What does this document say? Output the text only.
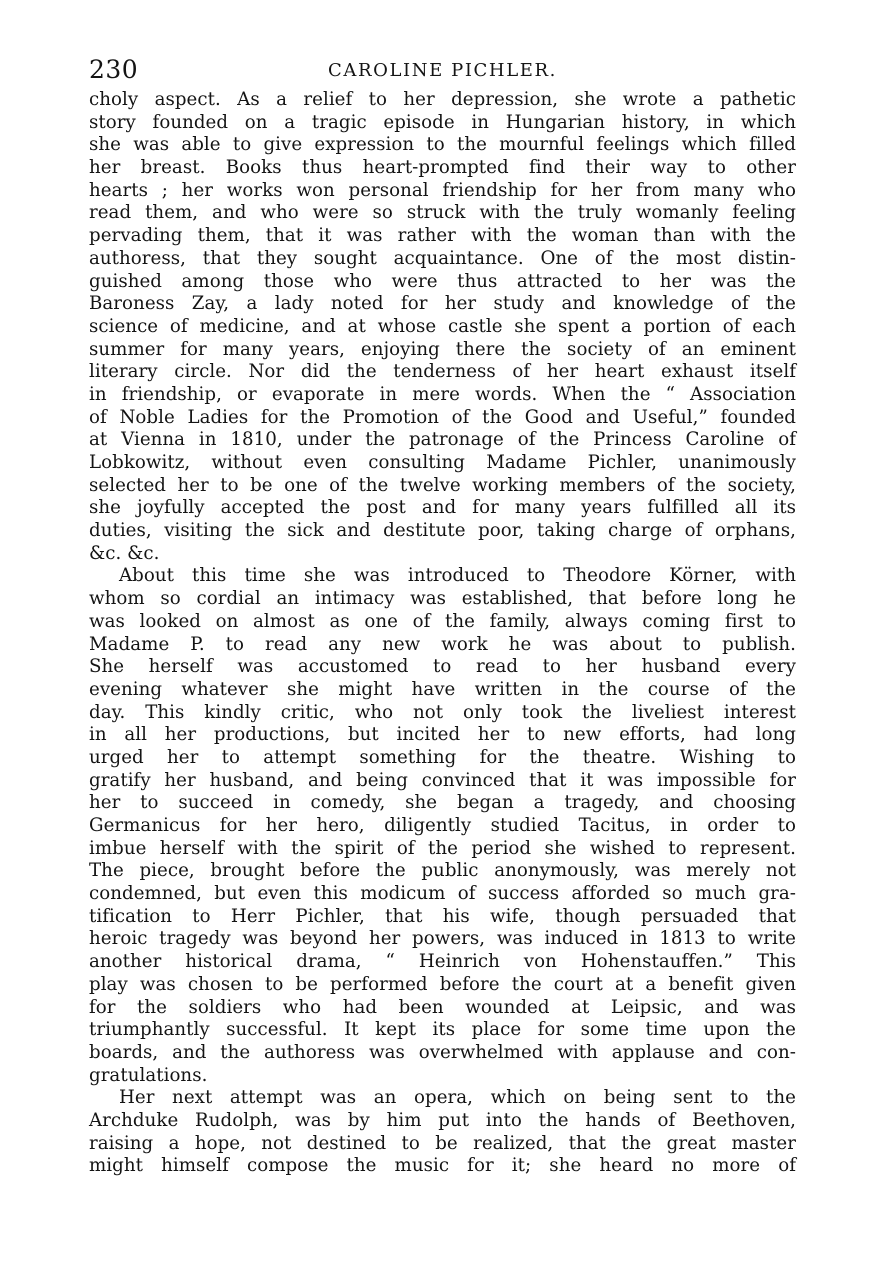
230	CAROLINE PICHLER.
choly aspect. As a relief to her depression, she wrote a pathetic
story founded on a tragic episode in Hungarian history, in which
she was able to give expression to the mournful feelings which filled
her breast. Books thus heart-prompted find their way to other
hearts ; her works won personal friendship for her from many who
read them, and who were so struck with the truly womanly feeling
pervading them, that it was rather with the woman than with the
authoress, that they sought acquaintance. One of the most distin-
guished among those who were thus attracted to her was the
Baroness Zay, a lady noted for her study and knowledge of the
science of medicine, and at whose castle she spent a portion of each
summer for many years, enjoying there the society of an eminent
literary circle. Nor did the tenderness of her heart exhaust itself
in friendship, or evaporate in mere words. When the “ Association
of Noble Ladies for the Promotion of the Good and Useful,” founded
at Vienna in 1810, under the patronage of the Princess Caroline of
Lobkowitz, without even consulting Madame Pichler, unanimously
selected her to be one of the twelve working members of the society,
she joyfully accepted the post and for many years fulfilled all its
duties, visiting the sick and destitute poor, taking charge of orphans,
&c. &c.
About this time she was introduced to Theodore Körner, with
whom so cordial an intimacy was established, that before long he
was looked on almost as one of the family, always coming first to
Madame P. to read any new work he was about to publish.
She herself was accustomed to read to her husband every
evening whatever she might have written in the course of the
day. This kindly critic, who not only took the liveliest interest
in all her productions, but incited her to new efforts, had long
urged her to attempt something for the theatre. Wishing to
gratify her husband, and being convinced that it was impossible for
her to succeed in comedy, she began a tragedy, and choosing
Germanicus for her hero, diligently studied Tacitus, in order to
imbue herself with the spirit of the period she wished to represent.
The piece, brought before the public anonymously, was merely not
condemned, but even this modicum of success afforded so much gra-
tification to Herr Pichler, that his wife, though persuaded that
heroic tragedy was beyond her powers, was induced in 1813 to write
another historical drama, “ Heinrich von Hohenstauffen.” This
play was chosen to be performed before the court at a benefit given
for the soldiers who had been wounded at Leipsic, and was
triumphantly successful. It kept its place for some time upon the
boards, and the authoress was overwhelmed with applause and con-
gratulations.
Her next attempt was an opera, which on being sent to the
Archduke Rudolph, was by him put into the hands of Beethoven,
raising a hope, not destined to be realized, that the great master
might himself compose the music for it; she heard no more of
